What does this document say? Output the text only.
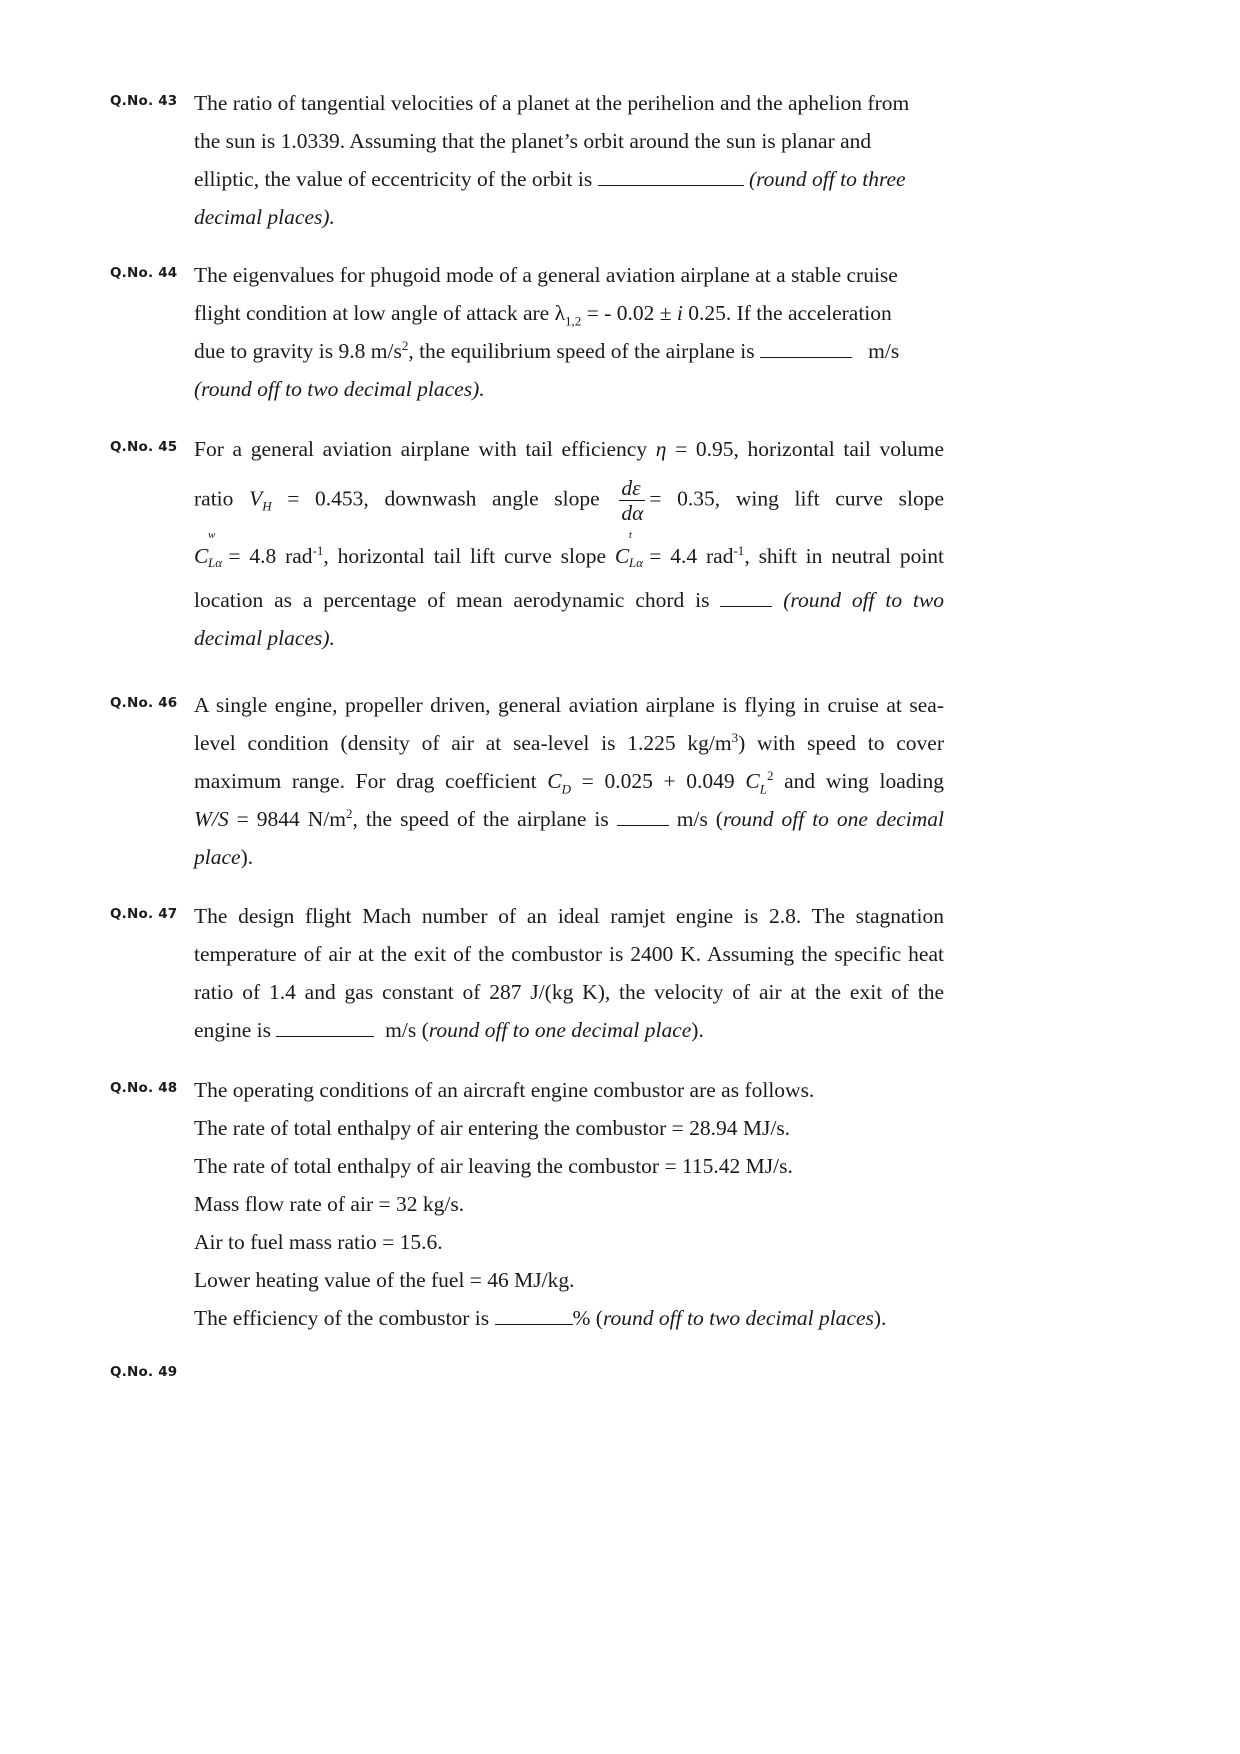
Q.No. 43 The ratio of tangential velocities of a planet at the perihelion and the aphelion from
the sun is 1.0339. Assuming that the planet’s orbit around the sun is planar and
elliptic, the value of eccentricity of the orbit is	(round off to three
decimal places).
Q.No. 44 The eigenvalues for phugoid mode of a general aviation airplane at a stable cruise
flight condition at low angle of attack are $\lambda_{1,2}$ = - 0.02 ± i 0.25. If the acceleration
due to gravity is 9.8 $m/s^2$, the equilibrium speed of the airplane is	m/s
(round off to two decimal places).
Q.No. 45 For a general aviation airplane with tail efficiency η = 0.95, horizontal tail volume
ratio $V_H = 0.453$, downwash angle slope $\frac{d\varepsilon}{d\alpha} = 0.35$, wing lift curve slope
C
w
Lα = 4.8 rad$^{-1}$, horizontal tail lift curve slope C
t
Lα = 4.4 rad$^{-1}$, shift in neutral point
location as a percentage of mean aerodynamic chord is	(round off to two
decimal places).
Q.No. 46 A single engine, propeller driven, general aviation airplane is flying in cruise at sea-
level condition (density of air at sea-level is 1.225 $kg/m^3$) with speed to cover
maximum range. For drag coefficient $C_D = 0.025 + 0.049$ $C_L^2$ and wing loading
W/S = 9844 $N/m^2$, the speed of the airplane is	m/s (round off to one decimal
place).
Q.No. 47 The design flight Mach number of an ideal ramjet engine is 2.8. The stagnation
temperature of air at the exit of the combustor is 2400 K. Assuming the specific heat
ratio of 1.4 and gas constant of 287 J/(kg K), the velocity of air at the exit of the
engine is	m/s (round off to one decimal place).
Q.No. 48 The operating conditions of an aircraft engine combustor are as follows.
The rate of total enthalpy of air entering the combustor = 28.94 MJ/s.
The rate of total enthalpy of air leaving the combustor = 115.42 MJ/s.
Mass flow rate of air = 32 kg/s.
Air to fuel mass ratio = 15.6.
Lower heating value of the fuel = 46 MJ/kg.
The efficiency of the combustor is	% (round off to two decimal places).
Q.No. 49
